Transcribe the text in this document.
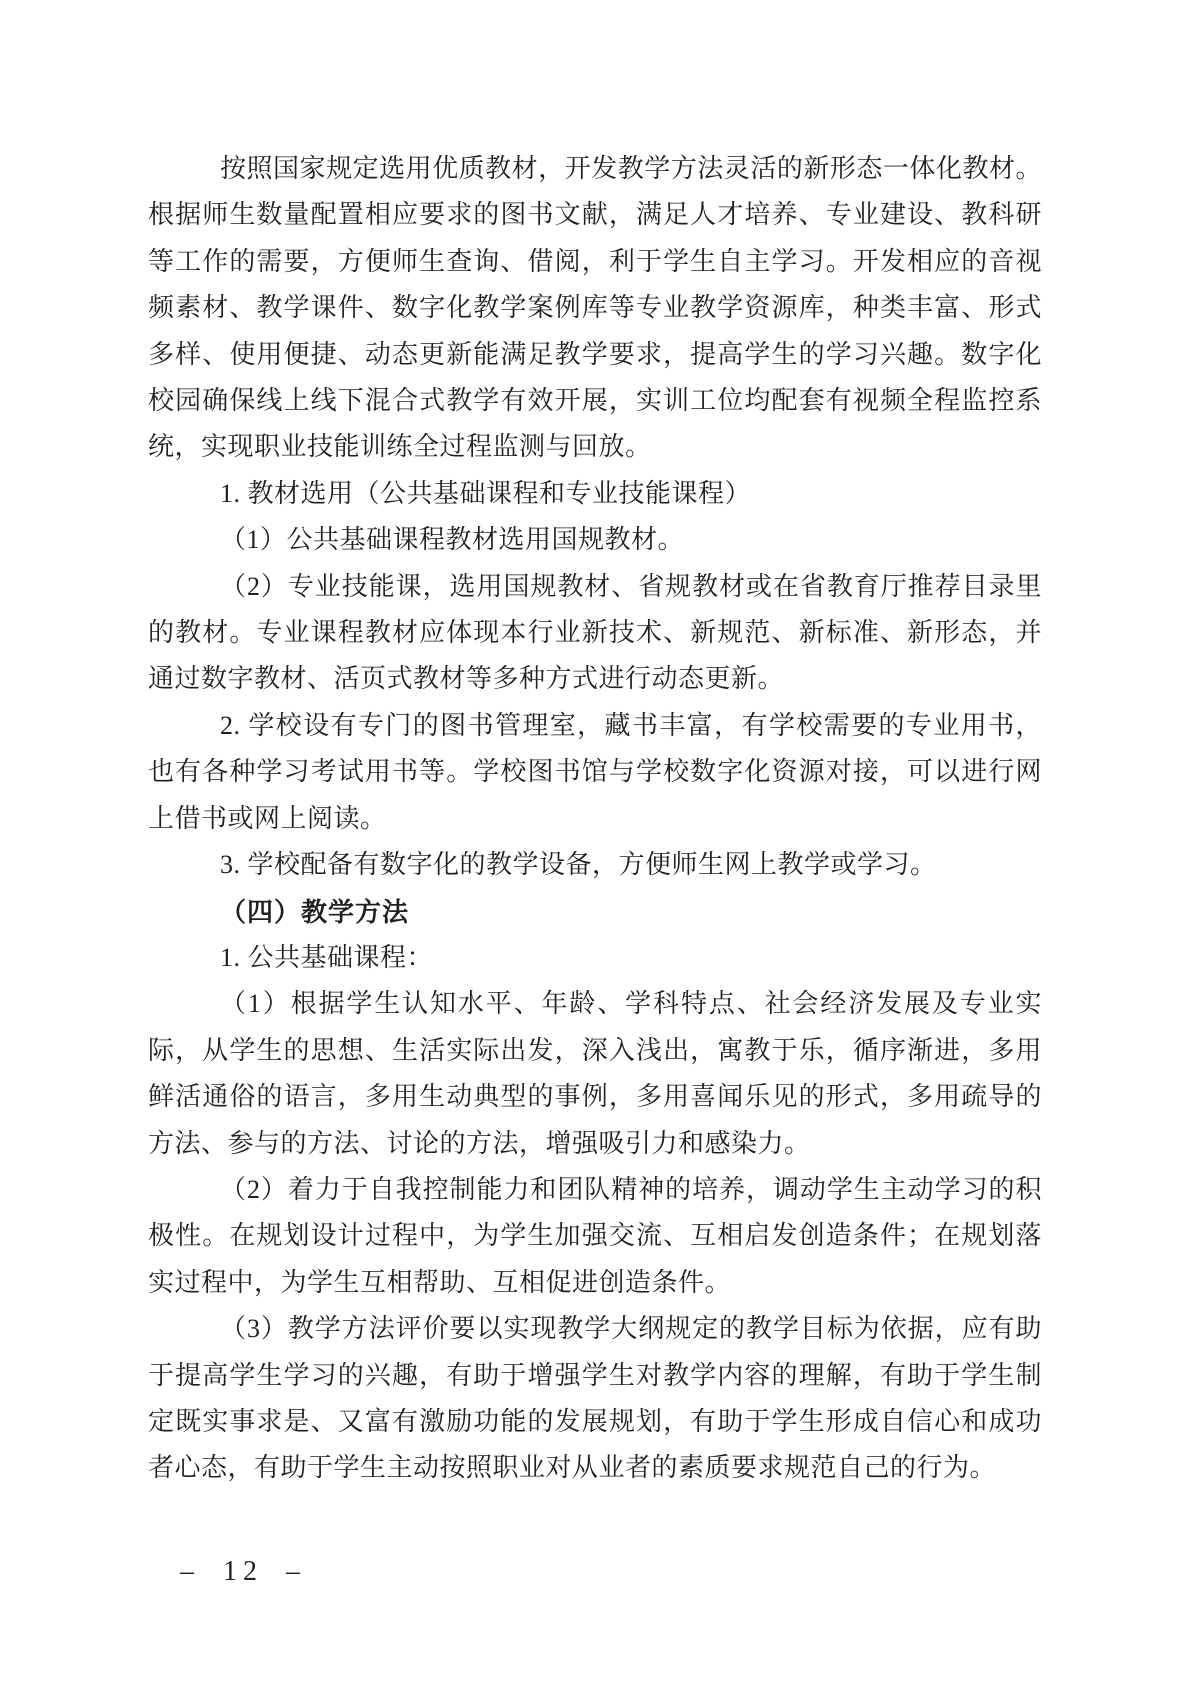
按照国家规定选用优质教材，开发教学方法灵活的新形态一体化教材。根据师生数量配置相应要求的图书文献，满足人才培养、专业建设、教科研等工作的需要，方便师生查询、借阅，利于学生自主学习。开发相应的音视频素材、教学课件、数字化教学案例库等专业教学资源库，种类丰富、形式多样、使用便捷、动态更新能满足教学要求，提高学生的学习兴趣。数字化校园确保线上线下混合式教学有效开展，实训工位均配套有视频全程监控系统，实现职业技能训练全过程监测与回放。

1. 教材选用（公共基础课程和专业技能课程）

（1）公共基础课程教材选用国规教材。

（2）专业技能课，选用国规教材、省规教材或在省教育厅推荐目录里的教材。专业课程教材应体现本行业新技术、新规范、新标准、新形态，并通过数字教材、活页式教材等多种方式进行动态更新。

2. 学校设有专门的图书管理室，藏书丰富，有学校需要的专业用书，也有各种学习考试用书等。学校图书馆与学校数字化资源对接，可以进行网上借书或网上阅读。

3. 学校配备有数字化的教学设备，方便师生网上教学或学习。

（四）教学方法

1. 公共基础课程：

（1）根据学生认知水平、年龄、学科特点、社会经济发展及专业实际，从学生的思想、生活实际出发，深入浅出，寓教于乐，循序渐进，多用鲜活通俗的语言，多用生动典型的事例，多用喜闻乐见的形式，多用疏导的方法、参与的方法、讨论的方法，增强吸引力和感染力。

（2）着力于自我控制能力和团队精神的培养，调动学生主动学习的积极性。在规划设计过程中，为学生加强交流、互相启发创造条件；在规划落实过程中，为学生互相帮助、互相促进创造条件。

（3）教学方法评价要以实现教学大纲规定的教学目标为依据，应有助于提高学生学习的兴趣，有助于增强学生对教学内容的理解，有助于学生制定既实事求是、又富有激励功能的发展规划，有助于学生形成自信心和成功者心态，有助于学生主动按照职业对从业者的素质要求规范自己的行为。

– 12 –
